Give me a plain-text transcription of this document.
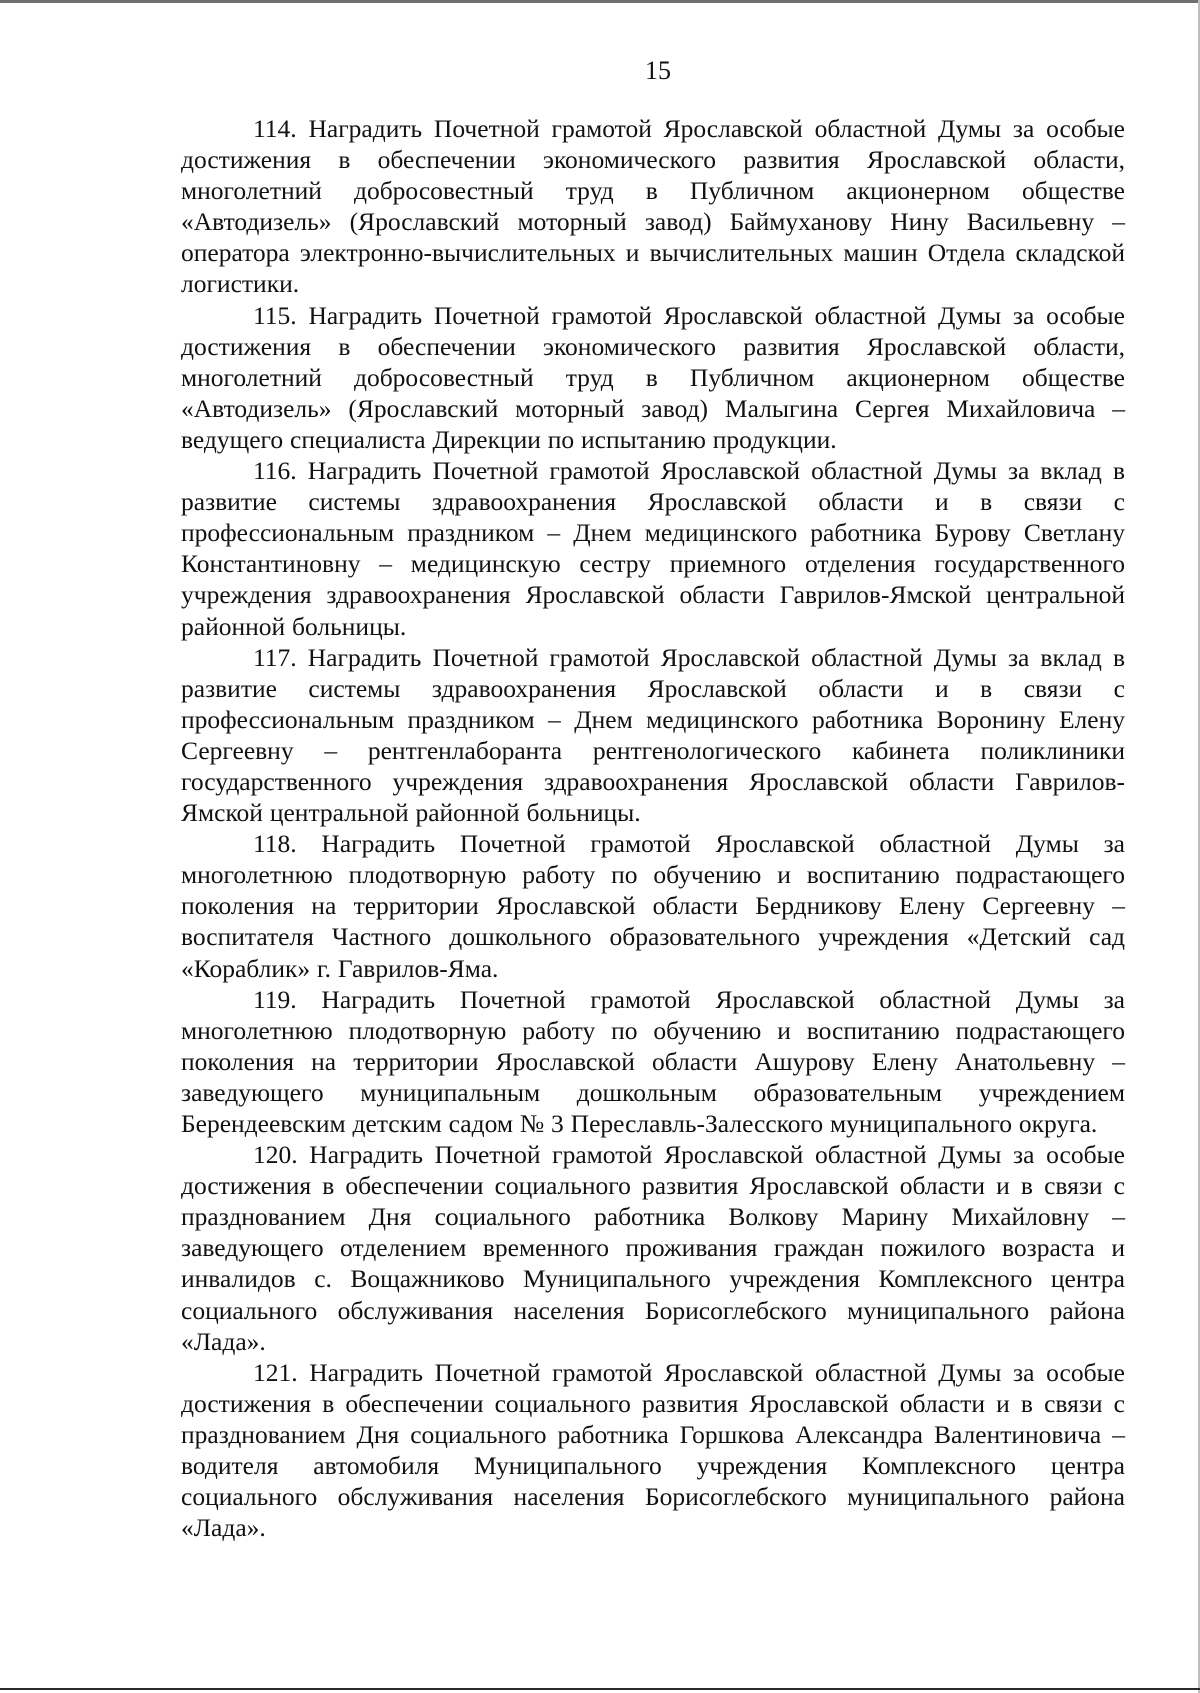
15

114. Наградить Почетной грамотой Ярославской областной Думы за особые достижения в обеспечении экономического развития Ярославской области, многолетний добросовестный труд в Публичном акционерном обществе «Автодизель» (Ярославский моторный завод) Баймуханову Нину Васильевну – оператора электронно-вычислительных и вычислительных машин Отдела складской логистики.

115. Наградить Почетной грамотой Ярославской областной Думы за особые достижения в обеспечении экономического развития Ярославской области, многолетний добросовестный труд в Публичном акционерном обществе «Автодизель» (Ярославский моторный завод) Малыгина Сергея Михайловича – ведущего специалиста Дирекции по испытанию продукции.

116. Наградить Почетной грамотой Ярославской областной Думы за вклад в развитие системы здравоохранения Ярославской области и в связи с профессиональным праздником – Днем медицинского работника Бурову Светлану Константиновну – медицинскую сестру приемного отделения государственного учреждения здравоохранения Ярославской области Гаврилов-Ямской центральной районной больницы.

117. Наградить Почетной грамотой Ярославской областной Думы за вклад в развитие системы здравоохранения Ярославской области и в связи с профессиональным праздником – Днем медицинского работника Воронину Елену Сергеевну – рентгенлаборанта рентгенологического кабинета поликлиники государственного учреждения здравоохранения Ярославской области Гаврилов-Ямской центральной районной больницы.

118. Наградить Почетной грамотой Ярославской областной Думы за многолетнюю плодотворную работу по обучению и воспитанию подрастающего поколения на территории Ярославской области Бердникову Елену Сергеевну – воспитателя Частного дошкольного образовательного учреждения «Детский сад «Кораблик» г. Гаврилов-Яма.

119. Наградить Почетной грамотой Ярославской областной Думы за многолетнюю плодотворную работу по обучению и воспитанию подрастающего поколения на территории Ярославской области Ашурову Елену Анатольевну – заведующего муниципальным дошкольным образовательным учреждением Берендеевским детским садом № 3 Переславль-Залесского муниципального округа.

120. Наградить Почетной грамотой Ярославской областной Думы за особые достижения в обеспечении социального развития Ярославской области и в связи с празднованием Дня социального работника Волкову Марину Михайловну – заведующего отделением временного проживания граждан пожилого возраста и инвалидов с. Вощажниково Муниципального учреждения Комплексного центра социального обслуживания населения Борисоглебского муниципального района «Лада».

121. Наградить Почетной грамотой Ярославской областной Думы за особые достижения в обеспечении социального развития Ярославской области и в связи с празднованием Дня социального работника Горшкова Александра Валентиновича – водителя автомобиля Муниципального учреждения Комплексного центра социального обслуживания населения Борисоглебского муниципального района «Лада».
